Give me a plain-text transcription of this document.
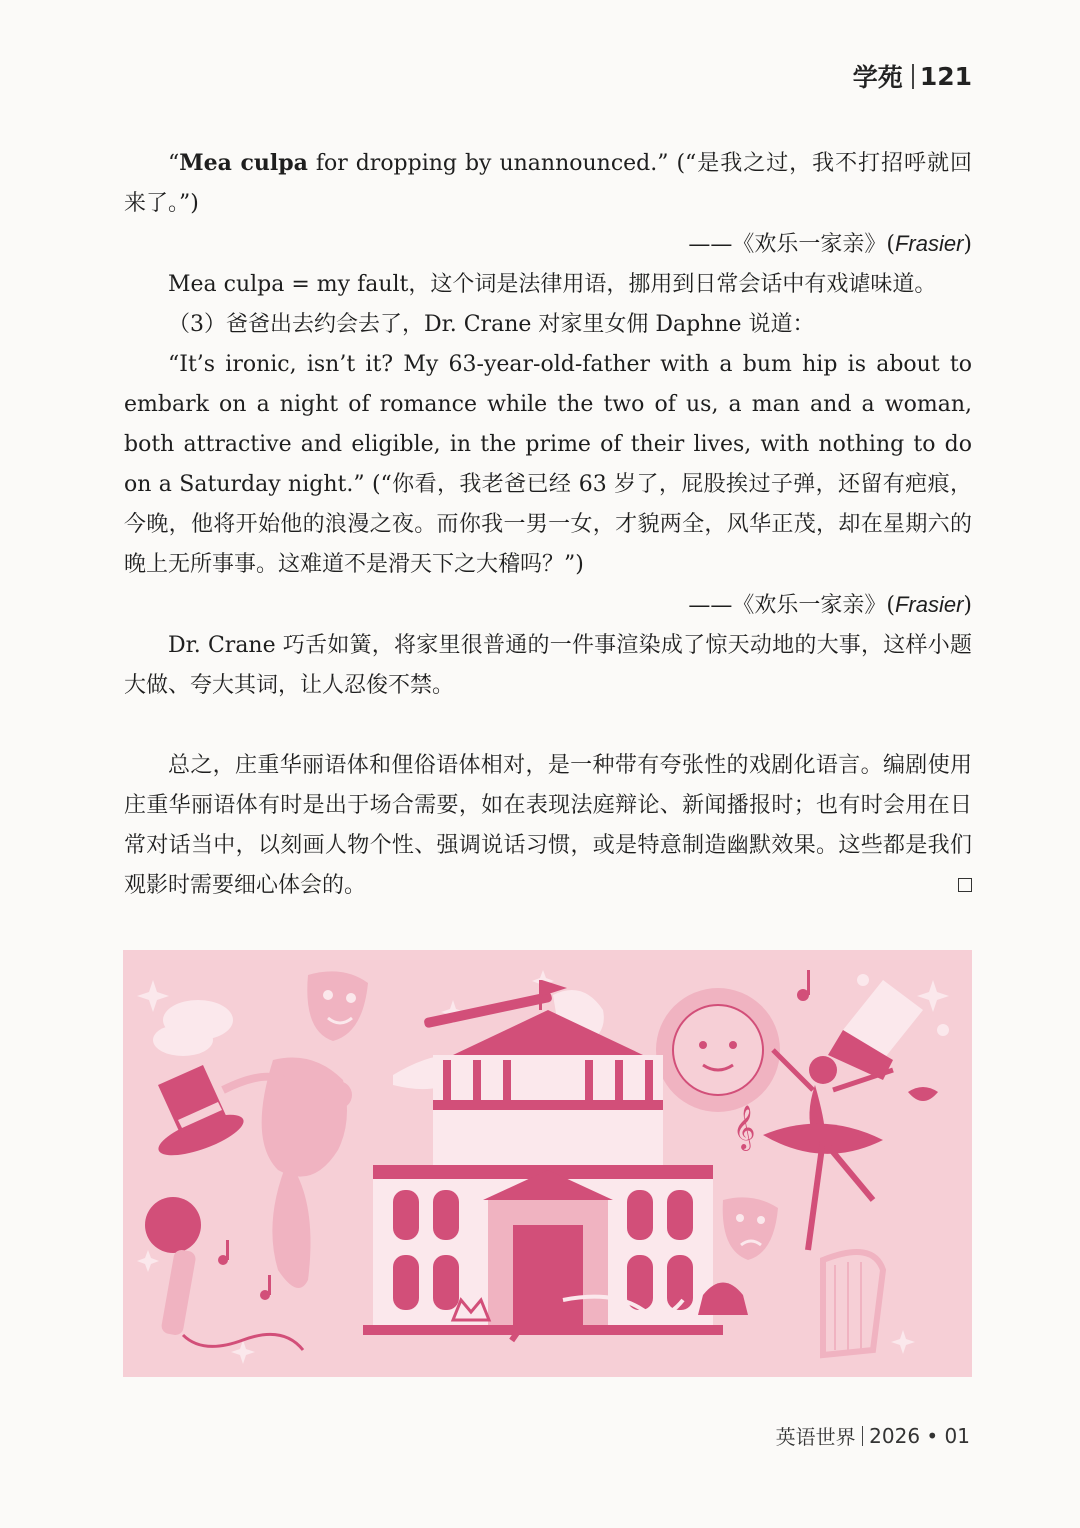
学苑 121

“Mea culpa for dropping by unannounced.” (“是我之过，我不打招呼就回来了。”)

——《欢乐一家亲》(Frasier)

Mea culpa = my fault，这个词是法律用语，挪用到日常会话中有戏谑味道。

（3）爸爸出去约会去了，Dr. Crane 对家里女佣 Daphne 说道：

“It’s ironic, isn’t it? My 63-year-old-father with a bum hip is about to embark on a night of romance while the two of us, a man and a woman, both attractive and eligible, in the prime of their lives, with nothing to do on a Saturday night.” (“你看，我老爸已经 63 岁了，屁股挨过子弹，还留有疤痕，今晚，他将开始他的浪漫之夜。而你我一男一女，才貌两全，风华正茂，却在星期六的晚上无所事事。这难道不是滑天下之大稽吗？”)

——《欢乐一家亲》(Frasier)

Dr. Crane 巧舌如簧，将家里很普通的一件事渲染成了惊天动地的大事，这样小题大做、夸大其词，让人忍俊不禁。

总之，庄重华丽语体和俚俗语体相对，是一种带有夸张性的戏剧化语言。编剧使用庄重华丽语体有时是出于场合需要，如在表现法庭辩论、新闻播报时；也有时会用在日常对话当中，以刻画人物个性、强调说话习惯，或是特意制造幽默效果。这些都是我们观影时需要细心体会的。

𝄞
英语世界 2026 • 01
